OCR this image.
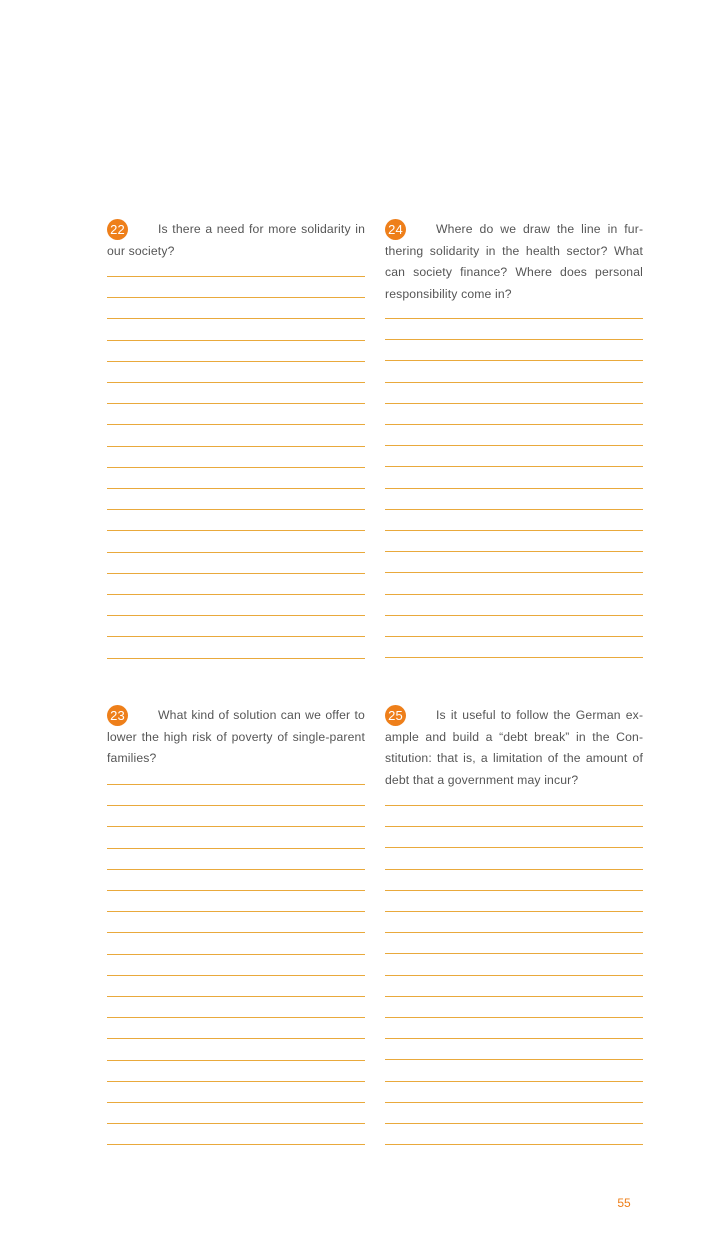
22	Is there a need for more solidarity in our society?

24	Where do we draw the line in furthering solidarity in the health sector? What can society finance? Where does personal responsibility come in?

23	What kind of solution can we offer to lower the high risk of poverty of single-parent families?

25	Is it useful to follow the German example and build a “debt break” in the Constitution: that is, a limitation of the amount of debt that a government may incur?

55
